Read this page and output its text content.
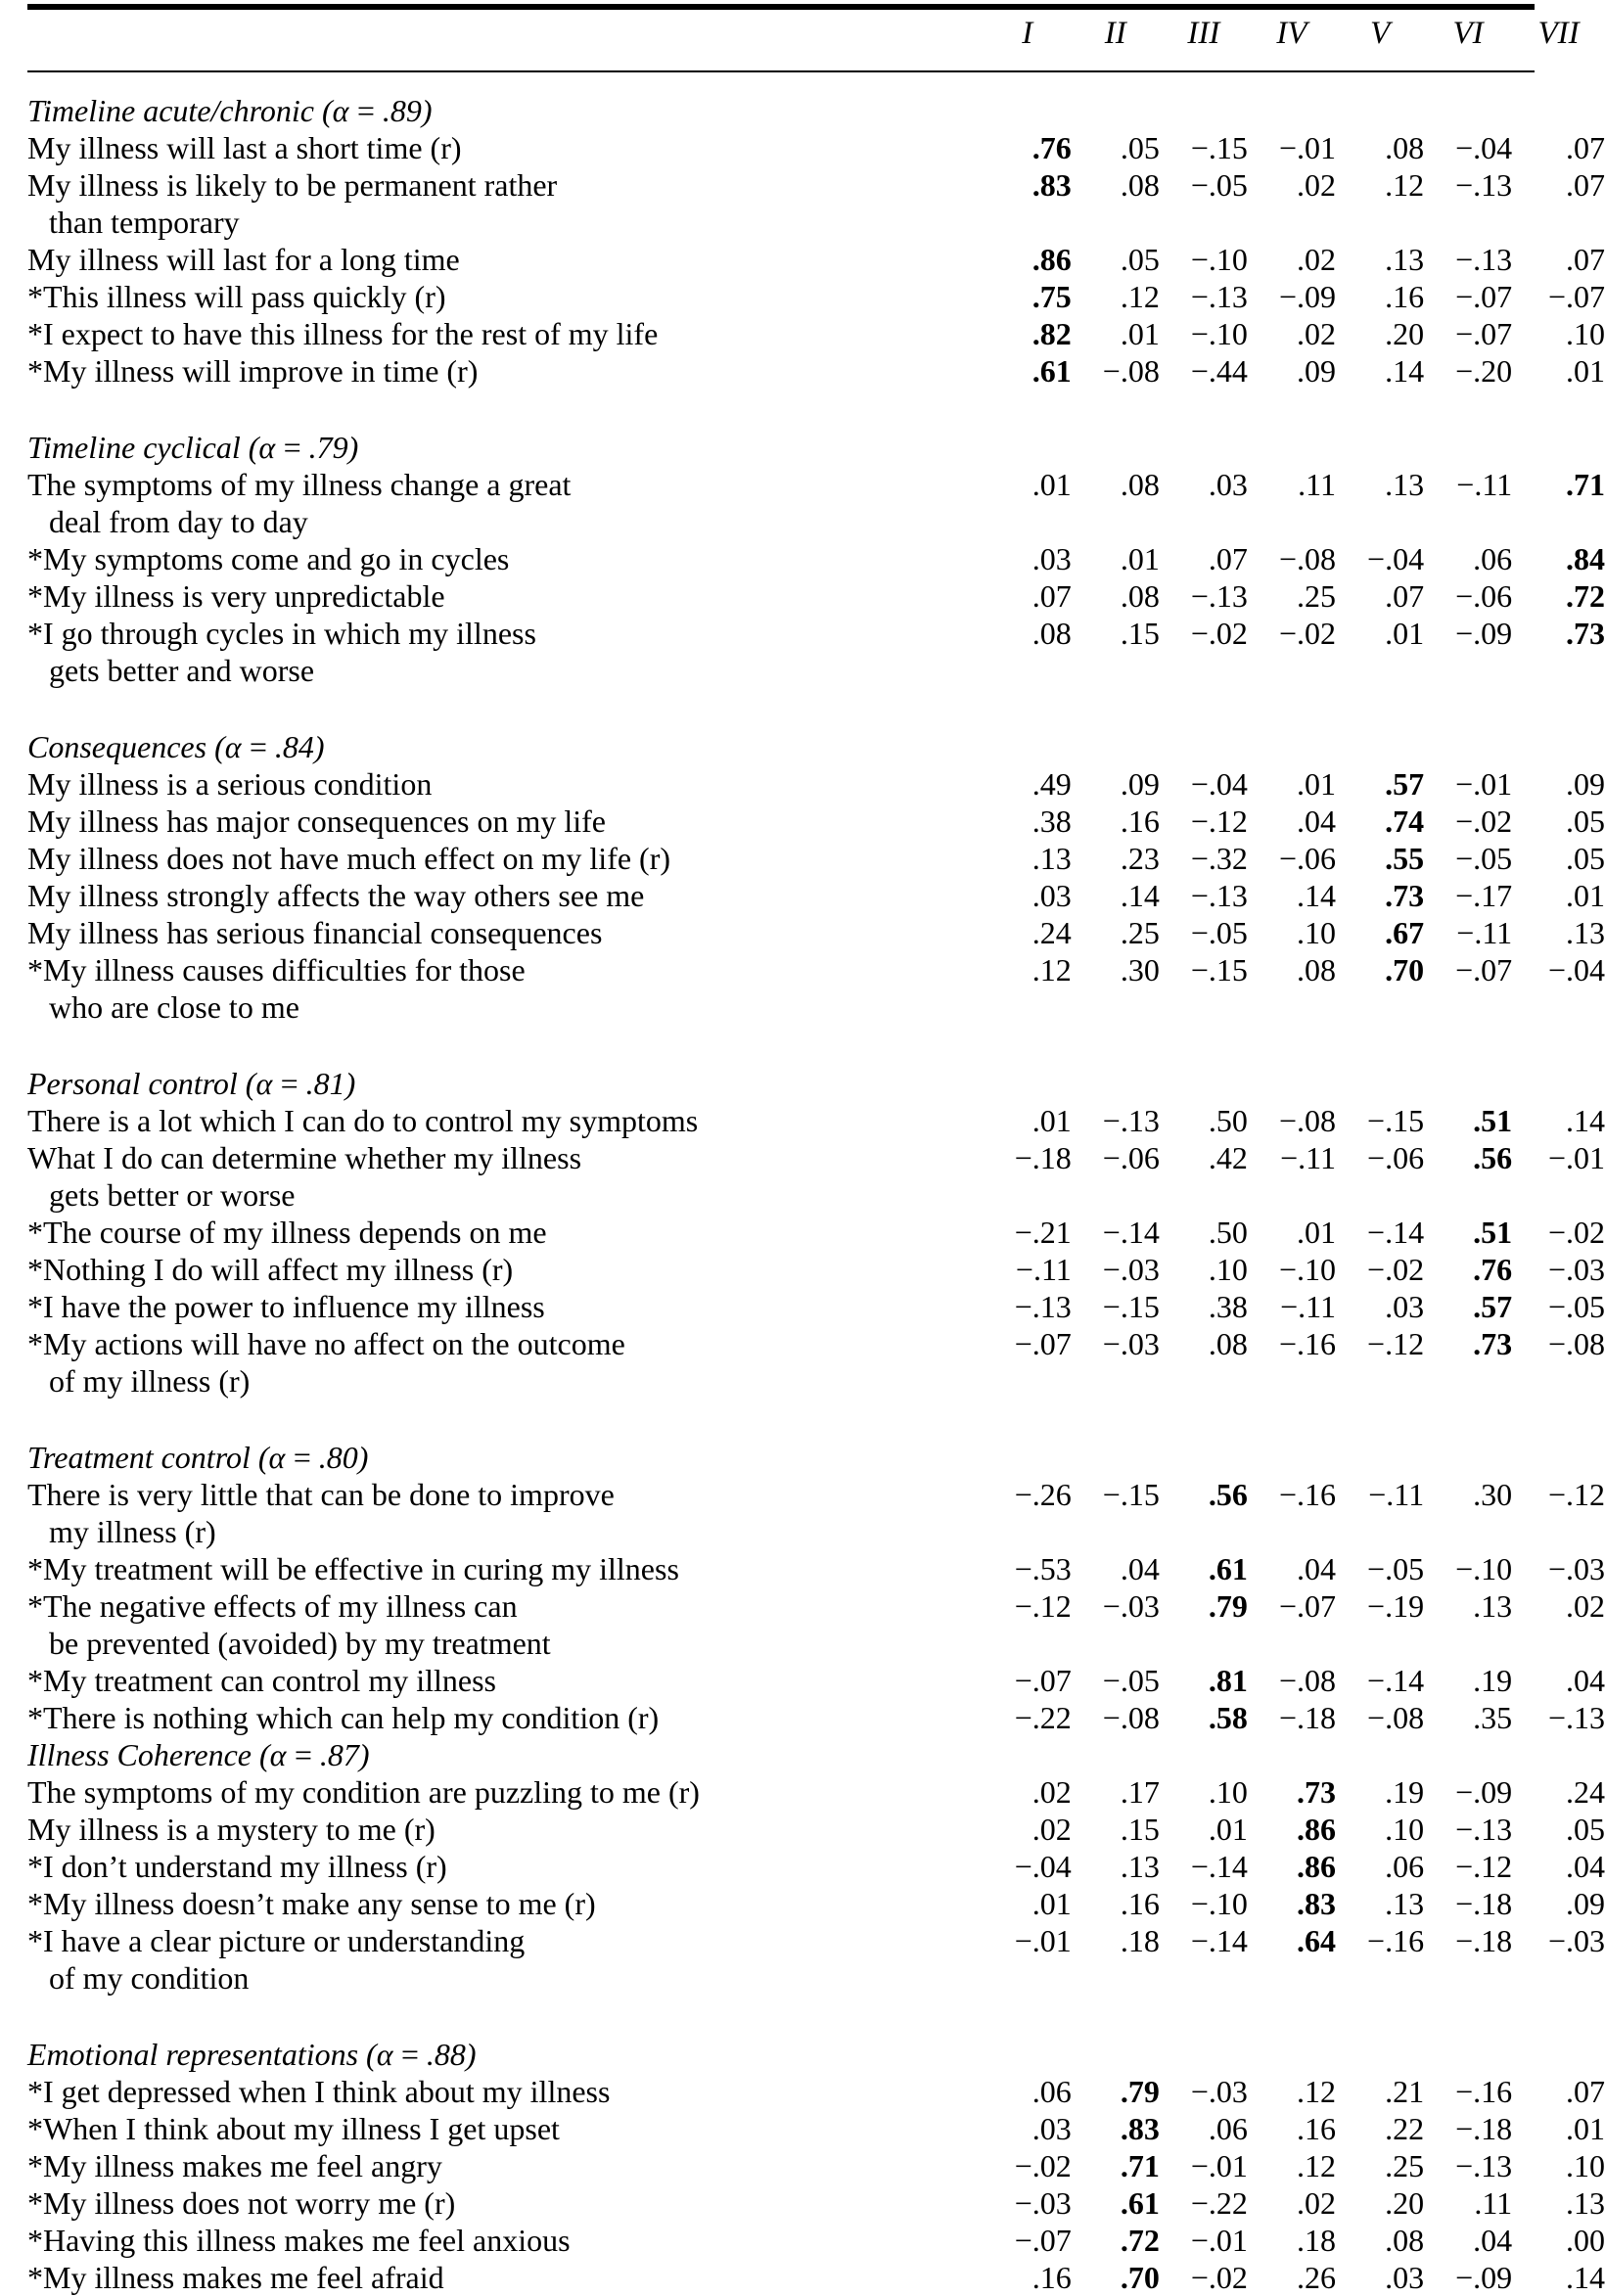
	I	II	III	IV	V	VI	VII
Timeline acute/chronic (α = .89)							
My illness will last a short time (r)	.76	.05	−.15	−.01	.08	−.04	.07
My illness is likely to be permanent rather	.83	.08	−.05	.02	.12	−.13	.07

than temporary							

My illness will last for a long time	.86	.05	−.10	.02	.13	−.13	.07
*This illness will pass quickly (r)	.75	.12	−.13	−.09	.16	−.07	−.07
*I expect to have this illness for the rest of my life	.82	.01	−.10	.02	.20	−.07	.10
*My illness will improve in time (r)	.61	−.08	−.44	.09	.14	−.20	.01

Timeline cyclical (α = .79)							
The symptoms of my illness change a great	.01	.08	.03	.11	.13	−.11	.71

deal from day to day							

*My symptoms come and go in cycles	.03	.01	.07	−.08	−.04	.06	.84
*My illness is very unpredictable	.07	.08	−.13	.25	.07	−.06	.72
*I go through cycles in which my illness	.08	.15	−.02	−.02	.01	−.09	.73

gets better and worse							

Consequences (α = .84)							
My illness is a serious condition	.49	.09	−.04	.01	.57	−.01	.09
My illness has major consequences on my life	.38	.16	−.12	.04	.74	−.02	.05
My illness does not have much effect on my life (r)	.13	.23	−.32	−.06	.55	−.05	.05
My illness strongly affects the way others see me	.03	.14	−.13	.14	.73	−.17	.01
My illness has serious financial consequences	.24	.25	−.05	.10	.67	−.11	.13
*My illness causes difficulties for those	.12	.30	−.15	.08	.70	−.07	−.04

who are close to me							

Personal control (α = .81)							
There is a lot which I can do to control my symptoms	.01	−.13	.50	−.08	−.15	.51	.14
What I do can determine whether my illness	−.18	−.06	.42	−.11	−.06	.56	−.01

gets better or worse							

*The course of my illness depends on me	−.21	−.14	.50	.01	−.14	.51	−.02
*Nothing I do will affect my illness (r)	−.11	−.03	.10	−.10	−.02	.76	−.03
*I have the power to influence my illness	−.13	−.15	.38	−.11	.03	.57	−.05
*My actions will have no affect on the outcome	−.07	−.03	.08	−.16	−.12	.73	−.08

of my illness (r)							

Treatment control (α = .80)							
There is very little that can be done to improve	−.26	−.15	.56	−.16	−.11	.30	−.12

my illness (r)							

*My treatment will be effective in curing my illness	−.53	.04	.61	.04	−.05	−.10	−.03
*The negative effects of my illness can	−.12	−.03	.79	−.07	−.19	.13	.02

be prevented (avoided) by my treatment							

*My treatment can control my illness	−.07	−.05	.81	−.08	−.14	.19	.04
*There is nothing which can help my condition (r)	−.22	−.08	.58	−.18	−.08	.35	−.13
Illness Coherence (α = .87)							
The symptoms of my condition are puzzling to me (r)	.02	.17	.10	.73	.19	−.09	.24
My illness is a mystery to me (r)	.02	.15	.01	.86	.10	−.13	.05
*I don’t understand my illness (r)	−.04	.13	−.14	.86	.06	−.12	.04
*My illness doesn’t make any sense to me (r)	.01	.16	−.10	.83	.13	−.18	.09
*I have a clear picture or understanding	−.01	.18	−.14	.64	−.16	−.18	−.03

of my condition							

Emotional representations (α = .88)							
*I get depressed when I think about my illness	.06	.79	−.03	.12	.21	−.16	.07
*When I think about my illness I get upset	.03	.83	.06	.16	.22	−.18	.01
*My illness makes me feel angry	−.02	.71	−.01	.12	.25	−.13	.10
*My illness does not worry me (r)	−.03	.61	−.22	.02	.20	.11	.13
*Having this illness makes me feel anxious	−.07	.72	−.01	.18	.08	.04	.00
*My illness makes me feel afraid	.16	.70	−.02	.26	.03	−.09	.14
